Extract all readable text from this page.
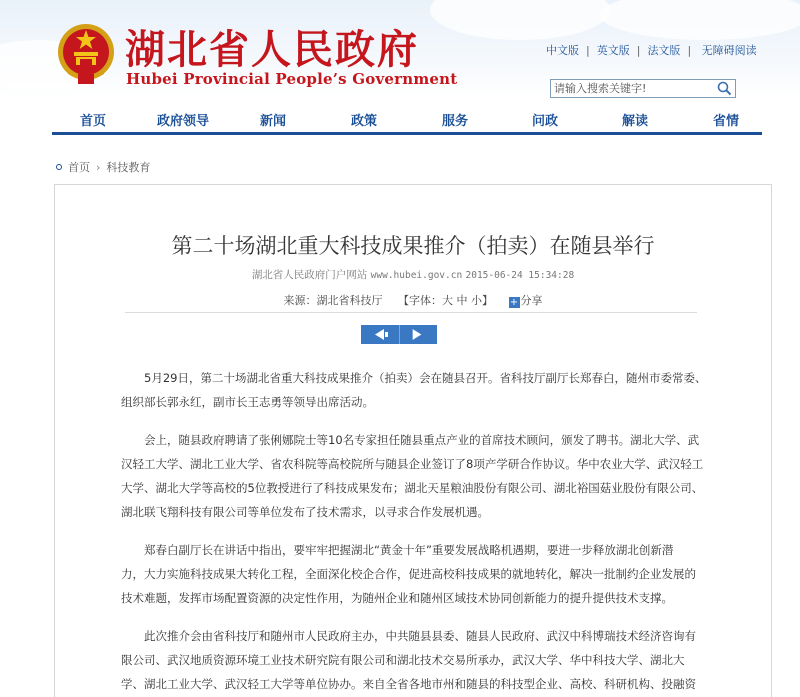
湖北省人民政府
Hubei Provincial People’s Government
中文版 | 英文版 | 法文版 | 无障碍阅读
请输入搜索关键字!
首页	政府领导	新闻	政策	服务	问政	解读	省情
首页 › 科技教育
第二十场湖北重大科技成果推介（拍卖）在随县举行
湖北省人民政府门户网站 www.hubei.gov.cn 2015-06-24 15:34:28
来源：湖北省科技厅 【字体：大 中 小】 + 分享
5月29日，第二十场湖北省重大科技成果推介（拍卖）会在随县召开。省科技厅副厅长郑春白，随州市委常委、
组织部长郭永红，副市长王志勇等领导出席活动。
会上，随县政府聘请了张俐娜院士等10名专家担任随县重点产业的首席技术顾问，颁发了聘书。湖北大学、武
汉轻工大学、湖北工业大学、省农科院等高校院所与随县企业签订了8项产学研合作协议。华中农业大学、武汉轻工
大学、湖北大学等高校的5位教授进行了科技成果发布；湖北天星粮油股份有限公司、湖北裕国菇业股份有限公司、
湖北联飞翔科技有限公司等单位发布了技术需求，以寻求合作发展机遇。
郑春白副厅长在讲话中指出，要牢牢把握湖北“黄金十年”重要发展战略机遇期，要进一步释放湖北创新潜
力，大力实施科技成果大转化工程，全面深化校企合作，促进高校科技成果的就地转化，解决一批制约企业发展的
技术难题，发挥市场配置资源的决定性作用，为随州企业和随州区域技术协同创新能力的提升提供技术支撑。
此次推介会由省科技厅和随州市人民政府主办，中共随县县委、随县人民政府、武汉中科博瑞技术经济咨询有
限公司、武汉地质资源环境工业技术研究院有限公司和湖北技术交易所承办，武汉大学、华中科技大学、湖北大
学、湖北工业大学、武汉轻工大学等单位协办。来自全省各地市州和随县的科技型企业、高校、科研机构、投融资
